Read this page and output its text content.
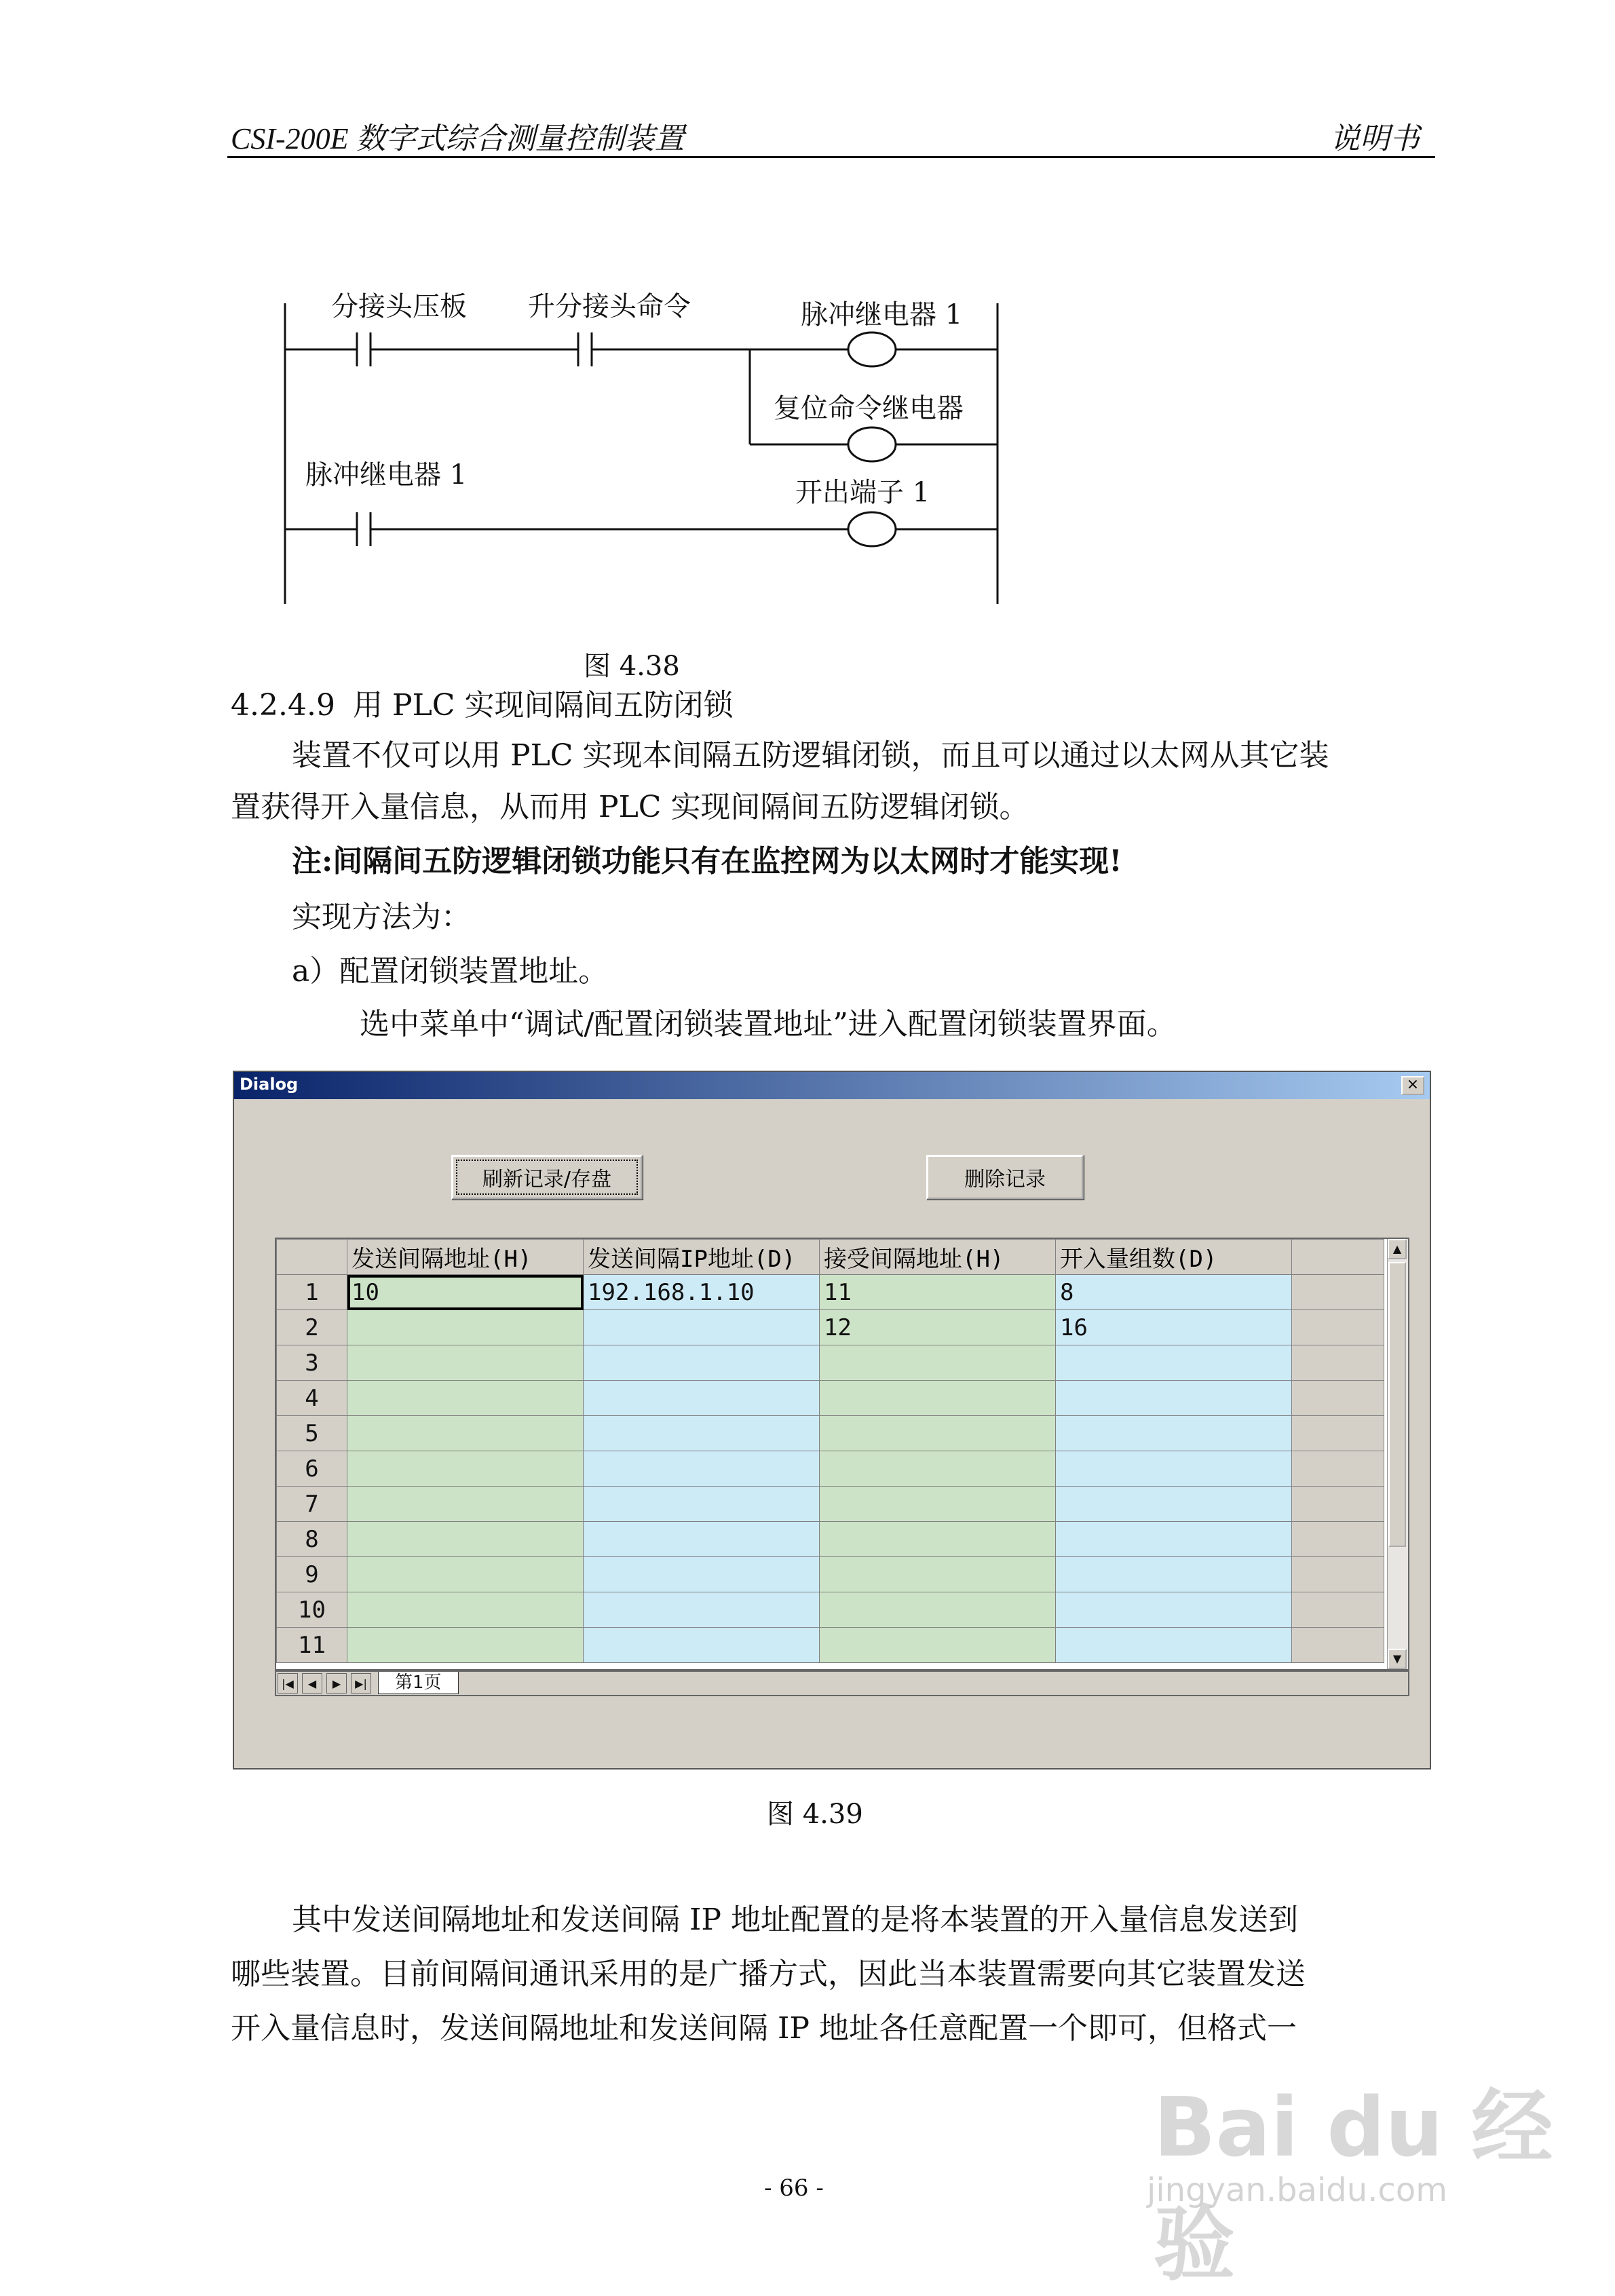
CSI-200E 数字式综合测量控制装置	说明书
分接头压板 升分接头命令	脉冲继电器 1
复位命令继电器
脉冲继电器 1
开出端子 1
图 4.38
4.2.4.9 用 PLC 实现间隔间五防闭锁
装置不仅可以用 PLC 实现本间隔五防逻辑闭锁，而且可以通过以太网从其它装
置获得开入量信息，从而用 PLC 实现间隔间五防逻辑闭锁。
注:间隔间五防逻辑闭锁功能只有在监控网为以太网时才能实现!
实现方法为：
a）配置闭锁装置地址。
选中菜单中“调试/配置闭锁装置地址”进入配置闭锁装置界面。
Dialog	×
刷新记录/存盘	删除记录
	发送间隔地址(H)	发送间隔IP地址(D)	接受间隔地址(H)	开入量组数(D)	
1	10	192.168.1.10	11	8	
2			12	16	
3					
4					
5					
6					
7					
8					
9					
10					
11					
▲
▼
|◀	◀	▶	▶|	第1页
图 4.39
其中发送间隔地址和发送间隔 IP 地址配置的是将本装置的开入量信息发送到
哪些装置。目前间隔间通讯采用的是广播方式，因此当本装置需要向其它装置发送
开入量信息时，发送间隔地址和发送间隔 IP 地址各任意配置一个即可，但格式一
- 66 -
Bai du 经验
jingyan.baidu.com
